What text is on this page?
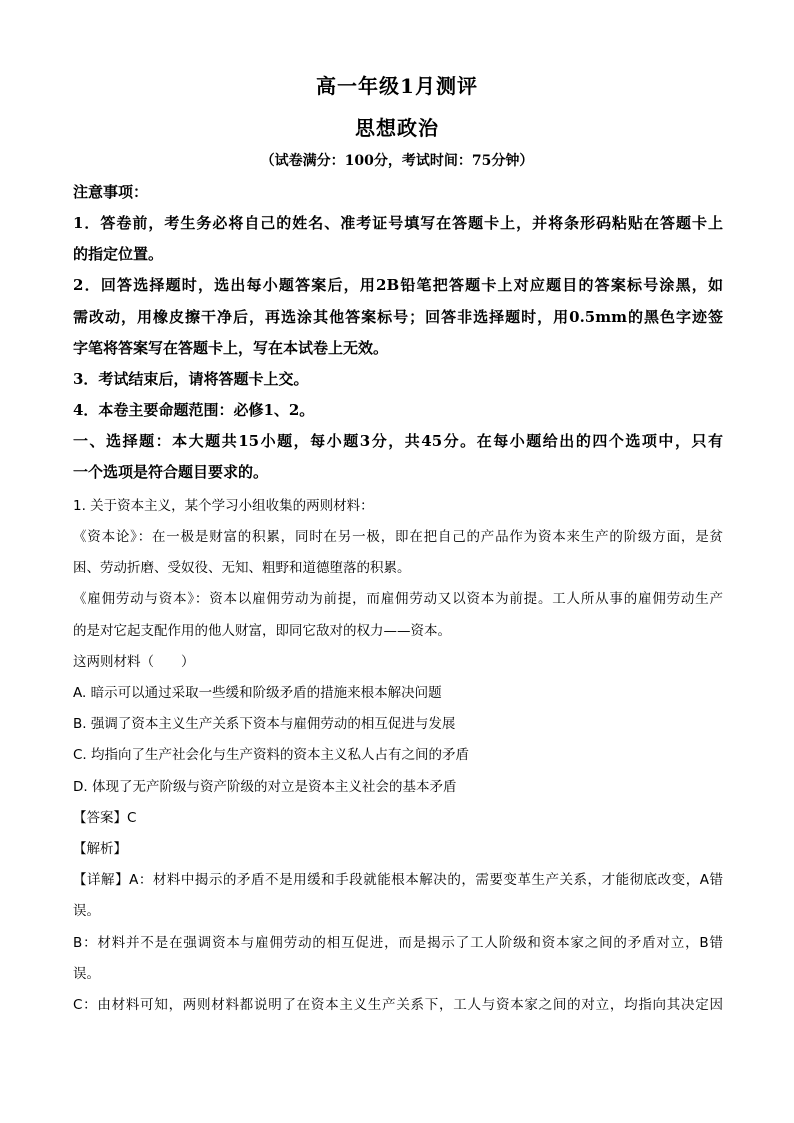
高一年级1月测评
思想政治
（试卷满分：100分，考试时间：75分钟）
注意事项：
1．答卷前，考生务必将自己的姓名、准考证号填写在答题卡上，并将条形码粘贴在答题卡上
的指定位置。
2．回答选择题时，选出每小题答案后，用2B铅笔把答题卡上对应题目的答案标号涂黑，如
需改动，用橡皮擦干净后，再选涂其他答案标号；回答非选择题时，用0.5mm的黑色字迹签
字笔将答案写在答题卡上，写在本试卷上无效。
3．考试结束后，请将答题卡上交。
4．本卷主要命题范围：必修1、2。
一、选择题：本大题共15小题，每小题3分，共45分。在每小题给出的四个选项中，只有
一个选项是符合题目要求的。
1. 关于资本主义，某个学习小组收集的两则材料：
《资本论》：在一极是财富的积累，同时在另一极，即在把自己的产品作为资本来生产的阶级方面，是贫
困、劳动折磨、受奴役、无知、粗野和道德堕落的积累。
《雇佣劳动与资本》：资本以雇佣劳动为前提，而雇佣劳动又以资本为前提。工人所从事的雇佣劳动生产
的是对它起支配作用的他人财富，即同它敌对的权力——资本。
这两则材料（　　）
A. 暗示可以通过采取一些缓和阶级矛盾的措施来根本解决问题
B. 强调了资本主义生产关系下资本与雇佣劳动的相互促进与发展
C. 均指向了生产社会化与生产资料的资本主义私人占有之间的矛盾
D. 体现了无产阶级与资产阶级的对立是资本主义社会的基本矛盾
【答案】C
【解析】
【详解】A：材料中揭示的矛盾不是用缓和手段就能根本解决的，需要变革生产关系，才能彻底改变，A错
误。
B：材料并不是在强调资本与雇佣劳动的相互促进，而是揭示了工人阶级和资本家之间的矛盾对立，B错
误。
C：由材料可知，两则材料都说明了在资本主义生产关系下，工人与资本家之间的对立，均指向其决定因
